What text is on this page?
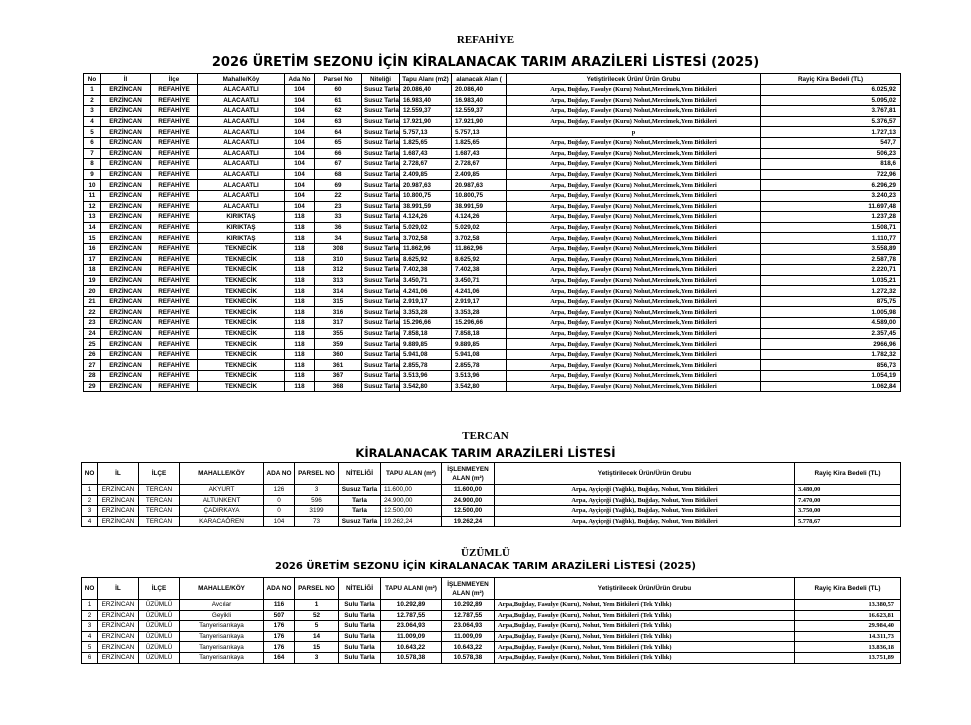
REFAHİYE
2026 ÜRETİM SEZONU İÇİN KİRALANACAK TARIM ARAZİLERİ LİSTESİ (2025)
No	İl	İlçe	Mahalle/Köy	Ada No	Parsel No	Niteliği	Tapu Alanı (m2)	alanacak Alan (	Yetiştirilecek Ürün/ Ürün Grubu	Rayiç Kira Bedeli (TL)
1	ERZİNCAN	REFAHİYE	ALACAATLI	104	60	Susuz Tarla	20.086,40	20.086,40	Arpa, Buğday, Fasulye (Kuru) Nohut,Mercimek,Yem Bitkileri	6.025,92
2	ERZİNCAN	REFAHİYE	ALACAATLI	104	61	Susuz Tarla	16.983,40	16.983,40	Arpa, Buğday, Fasulye (Kuru) Nohut,Mercimek,Yem Bitkileri	5.095,02
3	ERZİNCAN	REFAHİYE	ALACAATLI	104	62	Susuz Tarla	12.559,37	12.559,37	Arpa, Buğday, Fasulye (Kuru) Nohut,Mercimek,Yem Bitkileri	3.767,81
4	ERZİNCAN	REFAHİYE	ALACAATLI	104	63	Susuz Tarla	17.921,90	17.921,90	Arpa, Buğday, Fasulye (Kuru) Nohut,Mercimek,Yem Bitkileri	5.376,57
5	ERZİNCAN	REFAHİYE	ALACAATLI	104	64	Susuz Tarla	5.757,13	5.757,13	p	1.727,13
6	ERZİNCAN	REFAHİYE	ALACAATLI	104	65	Susuz Tarla	1.825,65	1.825,65	Arpa, Buğday, Fasulye (Kuru) Nohut,Mercimek,Yem Bitkileri	547,7
7	ERZİNCAN	REFAHİYE	ALACAATLI	104	66	Susuz Tarla	1.687,43	1.687,43	Arpa, Buğday, Fasulye (Kuru) Nohut,Mercimek,Yem Bitkileri	506,23
8	ERZİNCAN	REFAHİYE	ALACAATLI	104	67	Susuz Tarla	2.728,67	2.728,67	Arpa, Buğday, Fasulye (Kuru) Nohut,Mercimek,Yem Bitkileri	818,6
9	ERZİNCAN	REFAHİYE	ALACAATLI	104	68	Susuz Tarla	2.409,85	2.409,85	Arpa, Buğday, Fasulye (Kuru) Nohut,Mercimek,Yem Bitkileri	722,96
10	ERZİNCAN	REFAHİYE	ALACAATLI	104	69	Susuz Tarla	20.987,63	20.987,63	Arpa, Buğday, Fasulye (Kuru) Nohut,Mercimek,Yem Bitkileri	6.296,29
11	ERZİNCAN	REFAHİYE	ALACAATLI	104	22	Susuz Tarla	10.800,75	10.800,75	Arpa, Buğday, Fasulye (Kuru) Nohut,Mercimek,Yem Bitkileri	3.240,23
12	ERZİNCAN	REFAHİYE	ALACAATLI	104	23	Susuz Tarla	38.991,59	38.991,59	Arpa, Buğday, Fasulye (Kuru) Nohut,Mercimek,Yem Bitkileri	11.697,48
13	ERZİNCAN	REFAHİYE	KIRIKTAŞ	118	33	Susuz Tarla	4.124,26	4.124,26	Arpa, Buğday, Fasulye (Kuru) Nohut,Mercimek,Yem Bitkileri	1.237,28
14	ERZİNCAN	REFAHİYE	KIRIKTAŞ	118	36	Susuz Tarla	5.029,02	5.029,02	Arpa, Buğday, Fasulye (Kuru) Nohut,Mercimek,Yem Bitkileri	1.508,71
15	ERZİNCAN	REFAHİYE	KIRIKTAŞ	118	34	Susuz Tarla	3.702,58	3.702,58	Arpa, Buğday, Fasulye (Kuru) Nohut,Mercimek,Yem Bitkileri	1.110,77
16	ERZİNCAN	REFAHİYE	TEKNECİK	118	308	Susuz Tarla	11.862,96	11.862,96	Arpa, Buğday, Fasulye (Kuru) Nohut,Mercimek,Yem Bitkileri	3.558,89
17	ERZİNCAN	REFAHİYE	TEKNECİK	118	310	Susuz Tarla	8.625,92	8.625,92	Arpa, Buğday, Fasulye (Kuru) Nohut,Mercimek,Yem Bitkileri	2.587,78
18	ERZİNCAN	REFAHİYE	TEKNECİK	118	312	Susuz Tarla	7.402,38	7.402,38	Arpa, Buğday, Fasulye (Kuru) Nohut,Mercimek,Yem Bitkileri	2.220,71
19	ERZİNCAN	REFAHİYE	TEKNECİK	118	313	Susuz Tarla	3.450,71	3.450,71	Arpa, Buğday, Fasulye (Kuru) Nohut,Mercimek,Yem Bitkileri	1.035,21
20	ERZİNCAN	REFAHİYE	TEKNECİK	118	314	Susuz Tarla	4.241,06	4.241,06	Arpa, Buğday, Fasulye (Kuru) Nohut,Mercimek,Yem Bitkileri	1.272,32
21	ERZİNCAN	REFAHİYE	TEKNECİK	118	315	Susuz Tarla	2.919,17	2.919,17	Arpa, Buğday, Fasulye (Kuru) Nohut,Mercimek,Yem Bitkileri	875,75
22	ERZİNCAN	REFAHİYE	TEKNECİK	118	316	Susuz Tarla	3.353,28	3.353,28	Arpa, Buğday, Fasulye (Kuru) Nohut,Mercimek,Yem Bitkileri	1.005,98
23	ERZİNCAN	REFAHİYE	TEKNECİK	118	317	Susuz Tarla	15.296,66	15.296,66	Arpa, Buğday, Fasulye (Kuru) Nohut,Mercimek,Yem Bitkileri	4.589,00
24	ERZİNCAN	REFAHİYE	TEKNECİK	118	355	Susuz Tarla	7.858,18	7.858,18	Arpa, Buğday, Fasulye (Kuru) Nohut,Mercimek,Yem Bitkileri	2.357,45
25	ERZİNCAN	REFAHİYE	TEKNECİK	118	359	Susuz Tarla	9.889,85	9.889,85	Arpa, Buğday, Fasulye (Kuru) Nohut,Mercimek,Yem Bitkileri	2966,96
26	ERZİNCAN	REFAHİYE	TEKNECİK	118	360	Susuz Tarla	5.941,08	5.941,08	Arpa, Buğday, Fasulye (Kuru) Nohut,Mercimek,Yem Bitkileri	1.782,32
27	ERZİNCAN	REFAHİYE	TEKNECİK	118	361	Susuz Tarla	2.855,78	2.855,78	Arpa, Buğday, Fasulye (Kuru) Nohut,Mercimek,Yem Bitkileri	856,73
28	ERZİNCAN	REFAHİYE	TEKNECİK	118	367	Susuz Tarla	3.513,96	3.513,96	Arpa, Buğday, Fasulye (Kuru) Nohut,Mercimek,Yem Bitkileri	1.054,19
29	ERZİNCAN	REFAHİYE	TEKNECİK	118	368	Susuz Tarla	3.542,80	3.542,80	Arpa, Buğday, Fasulye (Kuru) Nohut,Mercimek,Yem Bitkileri	1.062,84
TERCAN
KİRALANACAK TARIM ARAZİLERİ LİSTESİ
NO	İL	İLÇE	MAHALLE/KÖY	ADA NO	PARSEL NO	NİTELİĞİ	TAPU ALAN (m²)	İŞLENMEYEN ALAN (m²)	Yetiştirilecek Ürün/Ürün Grubu	Rayiç Kira Bedeli (TL)
1	ERZİNCAN	TERCAN	AKYURT	126	3	Susuz Tarla	11.600,00	11.600,00	Arpa, Ayçiçeği (Yağlık), Buğday, Nohut, Yem Bitkileri	3.480,00
2	ERZİNCAN	TERCAN	ALTUNKENT	0	596	Tarla	24.900,00	24.900,00	Arpa, Ayçiçeği (Yağlık), Buğday, Nohut, Yem Bitkileri	7.470,00
3	ERZİNCAN	TERCAN	ÇADIRKAYA	0	3199	Tarla	12.500,00	12.500,00	Arpa, Ayçiçeği (Yağlık), Buğday, Nohut, Yem Bitkileri	3.750,00
4	ERZİNCAN	TERCAN	KARACAÖREN	104	73	Susuz Tarla	19.262,24	19.262,24	Arpa, Ayçiçeği (Yağlık), Buğday, Nohut, Yem Bitkileri	5.778,67
ÜZÜMLÜ
2026 ÜRETİM SEZONU İÇİN KİRALANACAK TARIM ARAZİLERİ LİSTESİ (2025)
NO	İL	İLÇE	MAHALLE/KÖY	ADA NO	PARSEL NO	NİTELİĞİ	TAPU ALANI (m²)	İŞLENMEYEN ALAN (m²)	Yetiştirilecek Ürün/Ürün Grubu	Rayiç Kira Bedeli (TL)
1	ERZİNCAN	ÜZÜMLÜ	Avcılar	116	1	Sulu Tarla	10.292,89	10.292,89	Arpa,Buğday, Fasulye (Kuru), Nohut, Yem Bitkileri (Tek Yıllık)	13.380,57
2	ERZİNCAN	ÜZÜMLÜ	Geyikli	507	52	Sulu Tarla	12.787,55	12.787,55	Arpa,Buğday, Fasulye (Kuru), Nohut, Yem Bitkileri (Tek Yıllık)	16.623,81
3	ERZİNCAN	ÜZÜMLÜ	Tanyerisarıkaya	176	5	Sulu Tarla	23.064,93	23.064,93	Arpa,Buğday, Fasulye (Kuru), Nohut, Yem Bitkileri (Tek Yıllık)	29.984,40
4	ERZİNCAN	ÜZÜMLÜ	Tanyerisarıkaya	176	14	Sulu Tarla	11.009,09	11.009,09	Arpa,Buğday, Fasulye (Kuru), Nohut, Yem Bitkileri (Tek Yıllık)	14.311,73
5	ERZİNCAN	ÜZÜMLÜ	Tanyerisarıkaya	176	15	Sulu Tarla	10.643,22	10.643,22	Arpa,Buğday, Fasulye (Kuru), Nohut, Yem Bitkileri (Tek Yıllık)	13.836,18
6	ERZİNCAN	ÜZÜMLÜ	Tanyerisarıkaya	164	3	Sulu Tarla	10.578,38	10.578,38	Arpa,Buğday, Fasulye (Kuru), Nohut, Yem Bitkileri (Tek Yıllık)	13.751,89
